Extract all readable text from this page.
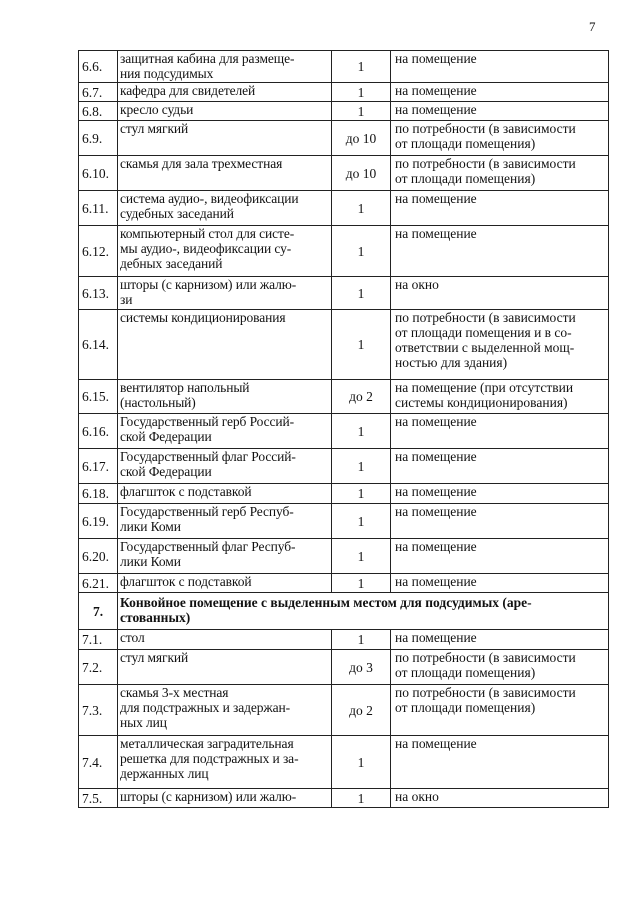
7
6.6.	защитная кабина для размеще-
ния подсудимых	1	на помещение
6.7.	кафедра для свидетелей	1	на помещение
6.8.	кресло судьи	1	на помещение
6.9.	стул мягкий	до 10	по потребности (в зависимости
от площади помещения)
6.10.	скамья для зала трехместная	до 10	по потребности (в зависимости
от площади помещения)
6.11.	система аудио-, видеофиксации
судебных заседаний	1	на помещение
6.12.	компьютерный стол для систе-
мы аудио-, видеофиксации су-
дебных заседаний	1	на помещение
6.13.	шторы (с карнизом) или жалю-
зи	1	на окно
6.14.	системы кондиционирования	1	по потребности (в зависимости
от площади помещения и в со-
ответствии с выделенной мощ-
ностью для здания)
6.15.	вентилятор напольный
(настольный)	до 2	на помещение (при отсутствии
системы кондиционирования)
6.16.	Государственный герб Россий-
ской Федерации	1	на помещение
6.17.	Государственный флаг Россий-
ской Федерации	1	на помещение
6.18.	флагшток с подставкой	1	на помещение
6.19.	Государственный герб Респуб-
лики Коми	1	на помещение
6.20.	Государственный флаг Респуб-
лики Коми	1	на помещение
6.21.	флагшток с подставкой	1	на помещение
7.	Конвойное помещение с выделенным местом для подсудимых (аре-
стованных)		
7.1.	стол	1	на помещение
7.2.	стул мягкий	до 3	по потребности (в зависимости
от площади помещения)
7.3.	скамья 3-х местная
для подстражных и задержан-
ных лиц	до 2	по потребности (в зависимости
от площади помещения)
7.4.	металлическая заградительная
решетка для подстражных и за-
держанных лиц	1	на помещение
7.5.	шторы (с карнизом) или жалю-	1	на окно
